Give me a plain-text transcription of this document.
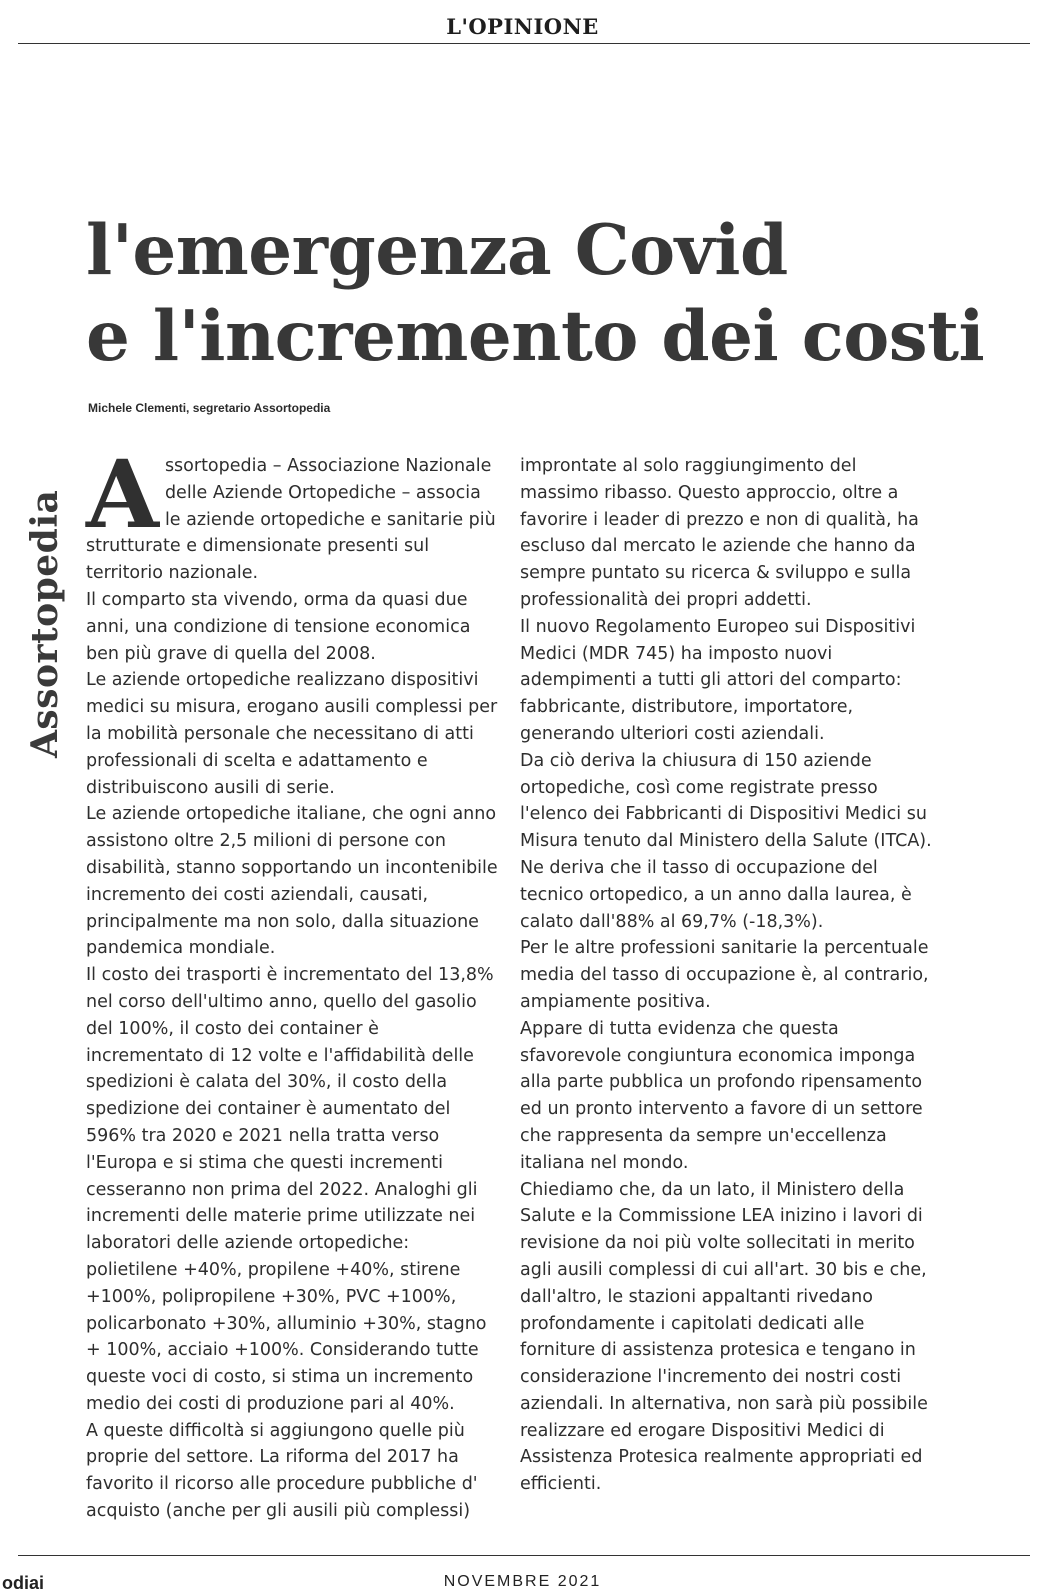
L'OPINIONE
l'emergenza Covid
e l'incremento dei costi
Michele Clementi, segretario Assortopedia
Assortopedia Assortopedia – Associazione Nazionale delle Aziende Ortopediche – associa le aziende ortopediche e sanitarie più strutturate e dimensionate presenti sul territorio nazionale.

Il comparto sta vivendo, orma da quasi due anni, una condizione di tensione economica ben più grave di quella del 2008.

Le aziende ortopediche realizzano dispositivi medici su misura, erogano ausili complessi per la mobilità personale che necessitano di atti professionali di scelta e adattamento e distribuiscono ausili di serie.

Le aziende ortopediche italiane, che ogni anno assistono oltre 2,5 milioni di persone con disabilità, stanno sopportando un incontenibile incremento dei costi aziendali, causati, principalmente ma non solo, dalla situazione pandemica mondiale.

Il costo dei trasporti è incrementato del 13,8% nel corso dell'ultimo anno, quello del gasolio del 100%, il costo dei container è incrementato di 12 volte e l'affidabilità delle spedizioni è calata del 30%, il costo della spedizione dei container è aumentato del 596% tra 2020 e 2021 nella tratta verso l'Europa e si stima che questi incrementi cesseranno non prima del 2022. Analoghi gli incrementi delle materie prime utilizzate nei laboratori delle aziende ortopediche: polietilene +40%, propilene +40%, stirene +100%, polipropilene +30%, PVC +100%, policarbonato +30%, alluminio +30%, stagno + 100%, acciaio +100%. Considerando tutte queste voci di costo, si stima un incremento medio dei costi di produzione pari al 40%.

A queste difficoltà si aggiungono quelle più proprie del settore. La riforma del 2017 ha favorito il ricorso alle procedure pubbliche d' acquisto (anche per gli ausili più complessi)

improntate al solo raggiungimento del massimo ribasso. Questo approccio, oltre a favorire i leader di prezzo e non di qualità, ha escluso dal mercato le aziende che hanno da sempre puntato su ricerca & sviluppo e sulla professionalità dei propri addetti.

Il nuovo Regolamento Europeo sui Dispositivi Medici (MDR 745) ha imposto nuovi adempimenti a tutti gli attori del comparto: fabbricante, distributore, importatore, generando ulteriori costi aziendali.

Da ciò deriva la chiusura di 150 aziende ortopediche, così come registrate presso l'elenco dei Fabbricanti di Dispositivi Medici su Misura tenuto dal Ministero della Salute (ITCA). Ne deriva che il tasso di occupazione del tecnico ortopedico, a un anno dalla laurea, è calato dall'88% al 69,7% (-18,3%).

Per le altre professioni sanitarie la percentuale media del tasso di occupazione è, al contrario, ampiamente positiva.

Appare di tutta evidenza che questa sfavorevole congiuntura economica imponga alla parte pubblica un profondo ripensamento ed un pronto intervento a favore di un settore che rappresenta da sempre un'eccellenza italiana nel mondo.

Chiediamo che, da un lato, il Ministero della Salute e la Commissione LEA inizino i lavori di revisione da noi più volte sollecitati in merito agli ausili complessi di cui all'art. 30 bis e che, dall'altro, le stazioni appaltanti rivedano profondamente i capitolati dedicati alle forniture di assistenza protesica e tengano in considerazione l'incremento dei nostri costi aziendali. In alternativa, non sarà più possibile realizzare ed erogare Dispositivi Medici di Assistenza Protesica realmente appropriati ed efficienti.

odiai	NOVEMBRE 2021
